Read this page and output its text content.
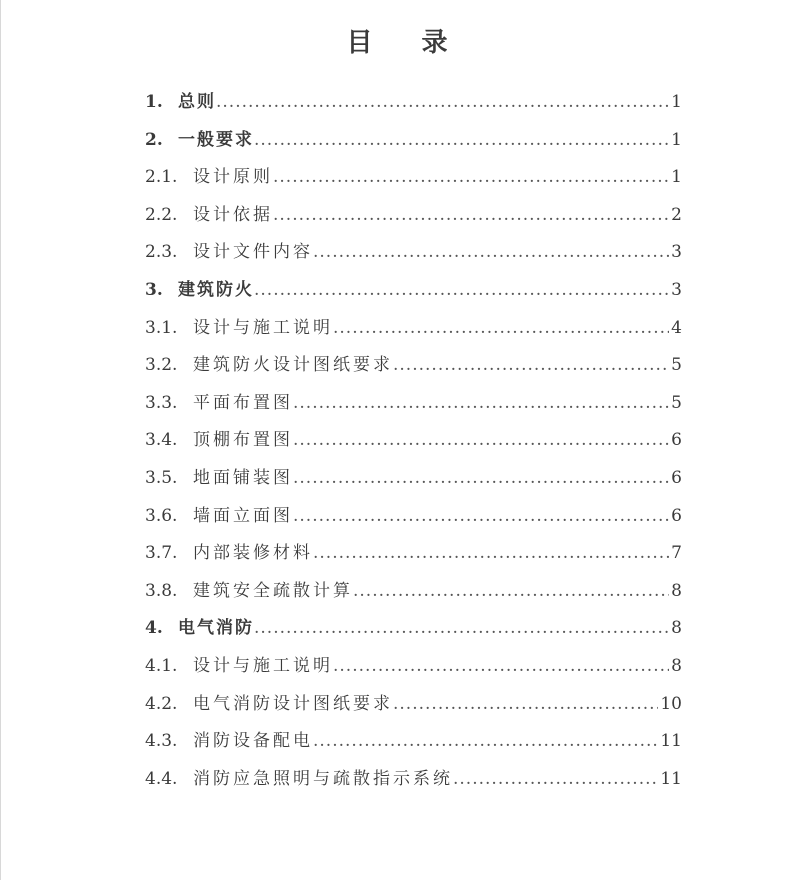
目 录
1. 总则 .....	1
2. 一般要求 .....	1
2.1. 设计原则 .....	1
2.2. 设计依据 .....	2
2.3. 设计文件内容 .....	3
3. 建筑防火 .....	3
3.1. 设计与施工说明 .....	4
3.2. 建筑防火设计图纸要求 .....	5
3.3. 平面布置图 .....	5
3.4. 顶棚布置图 .....	6
3.5. 地面铺装图 .....	6
3.6. 墙面立面图 .....	6
3.7. 内部装修材料 .....	7
3.8. 建筑安全疏散计算 .....	8
4. 电气消防 .....	8
4.1. 设计与施工说明 .....	8
4.2. 电气消防设计图纸要求 .....	10
4.3. 消防设备配电 .....	11
4.4. 消防应急照明与疏散指示系统 .....	11
